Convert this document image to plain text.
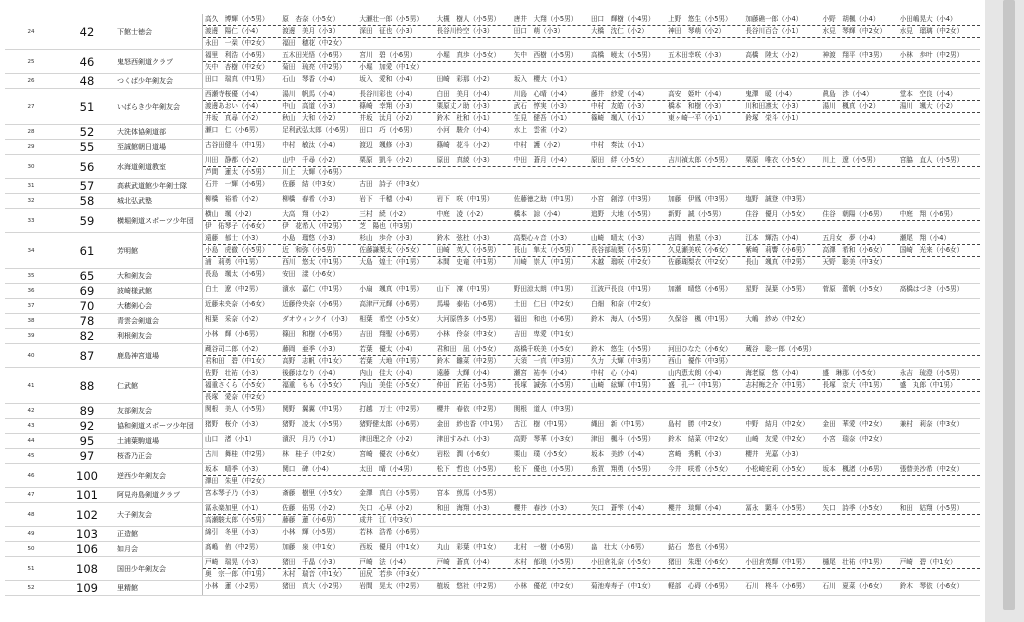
24	42	下館士徳会
高久　博輝（小5男）	原　杏奈（小5女）	大瀬壮一郎（小5男）	大槻　樹人（小5男）	唐井　大翔（小5男）	田口　輝樹（小4男）	上野　悠生（小5男）	加藤礁一郎（小4）	小野　胡楓（小4）	小田嶋晃大（小4）
渡邊　陽仁（小4）	渡邊　美月（小3）	深田　征也（小3）	長谷川怜空（小3）	田口　萌（小3）	大橋　沈仁（小2）	神田　琴萌（小2）	長谷川百合（小1）	水見　琴輝（中2女）	水見　瑠璃（中2女）
永田　一栞（中2女）	福田　穂花（中2女）
25	46	鬼怒西剣道クラブ
福里　利浩（小6男）	五木田光悟（小6男）	宮川　碧（小6男）	小堀　真歩（小5女）	矢中　西樹（小5男）	高橋　曉太（小5男）	五木田幸咲（小3）	高橋　陸太（小2）	神渡　翔平（中3男）	小林　歩叶（中2男）
矢中　杏樹（中2女）	菊田　琉亮（中2男）	小堀　加愛（中1女）
26	48	つくば少年剣友会	田口　瑞真（中1男）	石山　琴香（小4）	坂入　愛和（小4）	田崎　彩那（小2）	坂入　櫻大（小1）
27	51	いばらき少年剣友会
西瀬寺桜優（小4）	湯川　帆馬（小4）	長谷川彩也（小4）	白田　美月（小4）	川島　心晴（小4）	藤井　紗愛（小4）	高安　姫叶（小4）	鬼澤　暖（小4）	眞島　渉（小4）	堂本　空良（小4）
渡邊あおい（小4）	中山　高道（小3）	篠崎　幸翔（小3）	栗原丈ノ助（小3）	武石　惇実（小3）	中村　友皓（小3）	橋本　和樹（小3）	川和田凛太（小3）	湯川　楓真（小2）	湯川　颯大（小2）
井坂　真尋（小2）	秋山　大和（小2）	井坂　汰月（小2）	鈴木　杜和（小1）	生見　健吾（小1）	篠崎　颯人（小1）	東ヶ崎一平（小1）	鈴塚　栄斗（小1）
28	52	大洗体協剣道部	瀬口　仁（小6男）	足利武弘太郎（小6男）	田口　巧（小6男）	小河　駿介（小4）	水上　雲雀（小2）
29	55	至誠館朝日道場	古谷田健斗（中1男）	中村　敏汰（小4）	渡辺　颯修（小3）	篠崎　花斗（小2）	中村　護（小2）	中村　奏汰（小1）
30	56	水海道剣道教室
川田　静都（小2）	山中　千尋（小2）	栗原　凱斗（小2）	原田　真綾（小3）	中田　蒼月（小4）	原田　絆（小5女）	吉川禎太郎（小5男）	栗原　唯衣（小5女）	川上　遼（小5男）	宮脇　直人（小5男）
芦間　蓮太（小5男）	川上　大輝（小6男）
31	57	高萩武道館少年剣士隊	石井　一輝（小6男）	佐藤　結（中3女）	古田　詩子（中3女）
32	58	城北弘武塾	柳橋　裕希（小2）	柳橋　春希（小3）	岩下　千穂（小4）	岩下　咲（中1男）	佐藤徳之助（中1男）	小宮　創淳（中3男）	加藤　伊鳳（中3男）	塩野　誠登（中3男）
33	59	横堀剣道スポーツ少年団
横山　颯（小2）	大高　翔（小2）	三村　続（小2）	中庭　凌（小2）	橋本　諒（小4）	追野　大地（小5男）	新野　誠（小5男）	住谷　優月（小5女）	住谷　朝陽（小6男）	中庭　翔（小6男）
伊　佑琴子（小6女）	伊　花希人（中2男）	芝　陽也（中3男）
34	61	芳明館
遠藤　郁士（小3）	小島　瑠悠（小3）	杉山　歩介（小3）	鈴木　弦杜（小3）	高梨心々音（小3）	山崎　晴太（小3）	吉岡　侑星（小3）	江本　輝浩（小4）	五月女　夢（小4）	瀬尾　翔（小4）
小島　虎徹（小5男）	近　和弥（小5男）	佐藤謙梨太（小5女）	田崎　英人（小5男）	長山　隼太（小5男）	長谷部琉梨（小5男）	久見瀬美咲（小6女）	紫崎　莉響（小6男）	高澤　希和（小6女）	国崎　光来（小6女）
浦　莉勇（中1男）	西川　悠太（中1男）	大島　煌士（中1男）	本間　史竜（中1男）	川崎　崇人（中1男）	木越　瑠咲（中2女）	佐藤瑚梨衣（中2女）	長山　颯真（中2男）	天野　聡美（中3女）
35	65	大和剣友会	長島　颯太（小6男）	安田　漾（小6女）
36	69	波崎様武館	白土　遼（中2男）	濱水　嘉仁（中1男）	小扇　颯真（中1男）	山下　凜（中1男）	野田涼太朗（中1男）	江波戸長良（中1男）	加瀬　晴悠（小6男）	星野　滉葉（小5男）	菅原　蕾帆（小5女）	髙橋はづき（小5男）
37	70	大穂剣心会	近藤未央奈（小6女）	近藤伶央奈（小6男）	高津戸元輝（小6男）	馬場　泰佑（小6男）	土田　仁日（中2女）	白畑　和奈（中2女）
38	78	青雲会剣道会	相葉　采奈（小2）	ダオウィンクイ（小3）	相葉　希空（小5女）	大河原啓多（小5男）	福田　和也（小6男）	鈴木　海人（小5男）	久保谷　楓（中1男）	大嶋　紗め（中2女）
39	82	利根剣友会	小林　輝（小6男）	篠田　和樹（小6男）	吉田　翔聖（小6男）	小林　伶奈（中3女）	吉田　卑愛（中1女）
40	87	鹿島神宮道場
蔵谷司二郎（小2）	藤岡　亜季（小3）	若葉　優太（小4）	君和田　凪（小5女）	髙橋千咲美（小5女）	鈴木　悠生（小5男）	河田ひなた（小6女）	蔵谷　聡一郎（小6男）
君和田　碧（中1女）	高野　志帆（中1女）	若葉　大地（中1男）	鈴木　雛菜（中2男）	大須　一真（中3男）	久力　大輝（中3男）	西山　優作（中3男）
41	88	仁武館
佐野　壮祐（小3）	後藤はなり（小4）	内山　佳大（小4）	遠藤　大輝（小4）	瀬宮　祐李（小4）	中村　心（小4）	山内恵太朗（小4）	海老原　悠（小4）	盛　琳那（小5女）	永吉　琉澄（小5男）
福重さくら（小5女）	福重　もも（小5女）	内山　美佳（小5女）	仲田　匠佑（小5男）	長塚　誠弥（小5男）	山崎　絃輝（中1男）	盛　孔一（中1男）	志村梅之介（中1男）	長塚　京大（中1男）	盛　丸郎（中1男）
長塚　愛奈（中2女）
42	89	友部剣友会	関根　美人（小5男）	関野　翼翼（中1男）	打越　万士（中2男）	櫻井　春依（中2男）	関根　道人（中3男）
43	92	協和剣道スポーツ少年団	猪野　桜介（小3）	猪野　凌太（小5男）	猪野健太郎（小6男）	金田　紗也香（中1男）	古江　樹（中1男）	縄田　新（中1男）	島村　勝（中2女）	中野　結月（中2女）	金田　華愛（中2女）	兼村　莉奈（中3女）
44	95	土浦葉駒道場	山口　渚（小1）	濱沢　月乃（小1）	津田理之介（小2）	津田すみれ（小3）	高野　琴華（小3女）	津田　楓斗（小5男）	鈴木　結菜（中2女）	山崎　友愛（中2女）	小宮　瑞奈（中2女）
45	97	桜香乃正会	古川　舞桂（中2男）	林　桂子（中2女）	宮崎　優衣（小6女）	岩松　潤（小6女）	栗山　璞（小5女）	坂本　美紗（小4）	宮崎　秀帆（小3）	櫻井　光嘉（小3）
46	100	逆西少年剣友会
坂本　晴季（小3）	関口　碑（小4）	太田　晴（小4男）	松下　哲也（小5男）	松下　優也（小5男）	糸賀　翔勇（小5男）	今井　咲希（小5女）	小松崎宏莉（小5女）	坂本　楓渚（小6男）	張替美沙希（中2女）
澤田　朱里（中2女）
47	101	阿見舟島剣道クラブ	宮本琴子乃（小3）	斎藤　樹里（小5女）	金澤　真白（小5男）	宮本　煎馬（小5男）
48	102	大子剣友会
冨永楽加里（小1）	佐藤　佑男（小2）	矢口　心早（小2）	和田　海翔（小3）	櫻井　春沙（小3）	矢口　蒼雫（小4）	櫻井　琰輝（小4）	冨永　顕斗（小5男）	矢口　詩季（小5女）	和田　姑翔（小5男）
高瀬駿太郎（小5男）	藤藤　蓮（小6男）	成井　江（中3女）
49	103	正造館	綿引　冬里（小3）	小林　輝（小5男）	若林　浩希（小6男）
50	106	如月会	髙嶋　侑（中2男）	加藤　泉（中1女）	西坂　優月（中1女）	丸山　彩葉（中1女）	北村　一樹（小6男）	畠　壮太（小6男）	鈷石　悠也（小6男）
51	108	国田少年剣友会
戸崎　瑞晃（小3）	猪田　千晶（小3）	戸崎　法（小4）	戸崎　蒼真（小4）	木村　郁琅（小5男）	小田倉礼奈（小5女）	猪田　朱理（小6女）	小田倉英輝（中1男）	樋尾　壮祐（中1男）	戸崎　碧（中1女）
奥　宗一郎（中1男）	木村　瑞音（中1女）	田尻　若歩（中3女）
52	109	里精館	小林　蓮（小2男）	猪田　真大（小2男）	岩間　晃太（中2男）	植坂　悠社（中2男）	小林　優花（中2女）	菊池寿寿子（中1女）	軽部　心碍（小6男）	石川　柊斗（小6男）	石川　夏菜（小6女）	鈴木　琴依（小6女）
